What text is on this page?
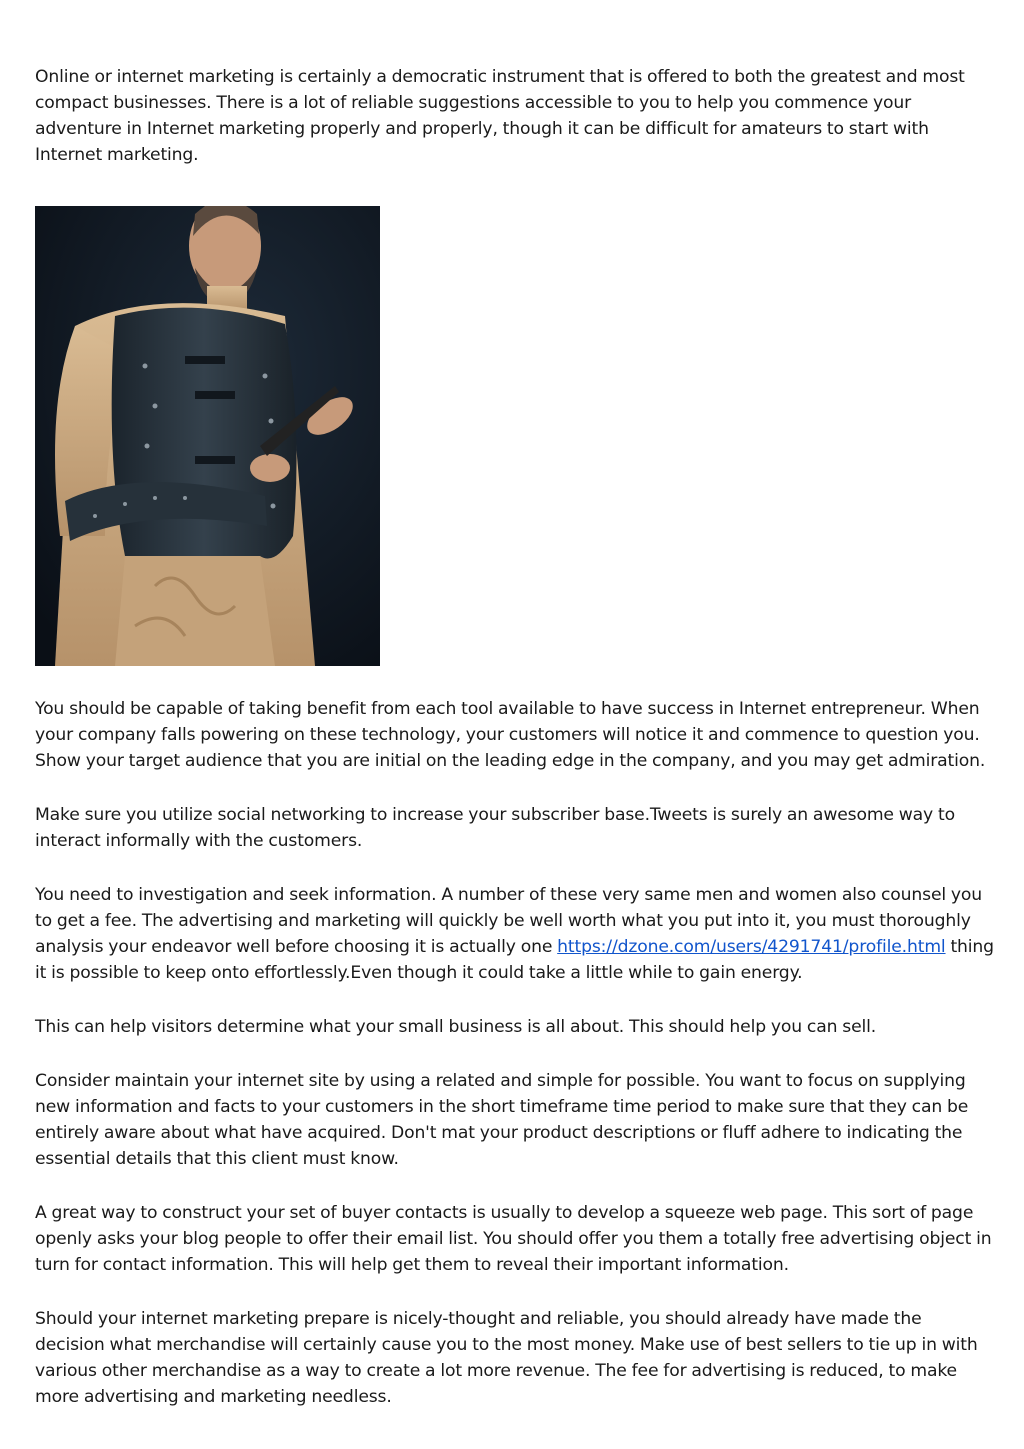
Online or internet marketing is certainly a democratic instrument that is offered to both the greatest and most compact businesses. There is a lot of reliable suggestions accessible to you to help you commence your adventure in Internet marketing properly and properly, though it can be difficult for amateurs to start with Internet marketing.

You should be capable of taking benefit from each tool available to have success in Internet entrepreneur. When your company falls powering on these technology, your customers will notice it and commence to question you. Show your target audience that you are initial on the leading edge in the company, and you may get admiration.

Make sure you utilize social networking to increase your subscriber base.Tweets is surely an awesome way to interact informally with the customers.

You need to investigation and seek information. A number of these very same men and women also counsel you to get a fee. The advertising and marketing will quickly be well worth what you put into it, you must thoroughly analysis your endeavor well before choosing it is actually one https://dzone.com/users/4291741/profile.html thing it is possible to keep onto effortlessly.Even though it could take a little while to gain energy.

This can help visitors determine what your small business is all about. This should help you can sell.

Consider maintain your internet site by using a related and simple for possible. You want to focus on supplying new information and facts to your customers in the short timeframe time period to make sure that they can be entirely aware about what have acquired. Don't mat your product descriptions or fluff adhere to indicating the essential details that this client must know.

A great way to construct your set of buyer contacts is usually to develop a squeeze web page. This sort of page openly asks your blog people to offer their email list. You should offer you them a totally free advertising object in turn for contact information. This will help get them to reveal their important information.

Should your internet marketing prepare is nicely-thought and reliable, you should already have made the decision what merchandise will certainly cause you to the most money. Make use of best sellers to tie up in with various other merchandise as a way to create a lot more revenue. The fee for advertising is reduced, to make more advertising and marketing needless.
